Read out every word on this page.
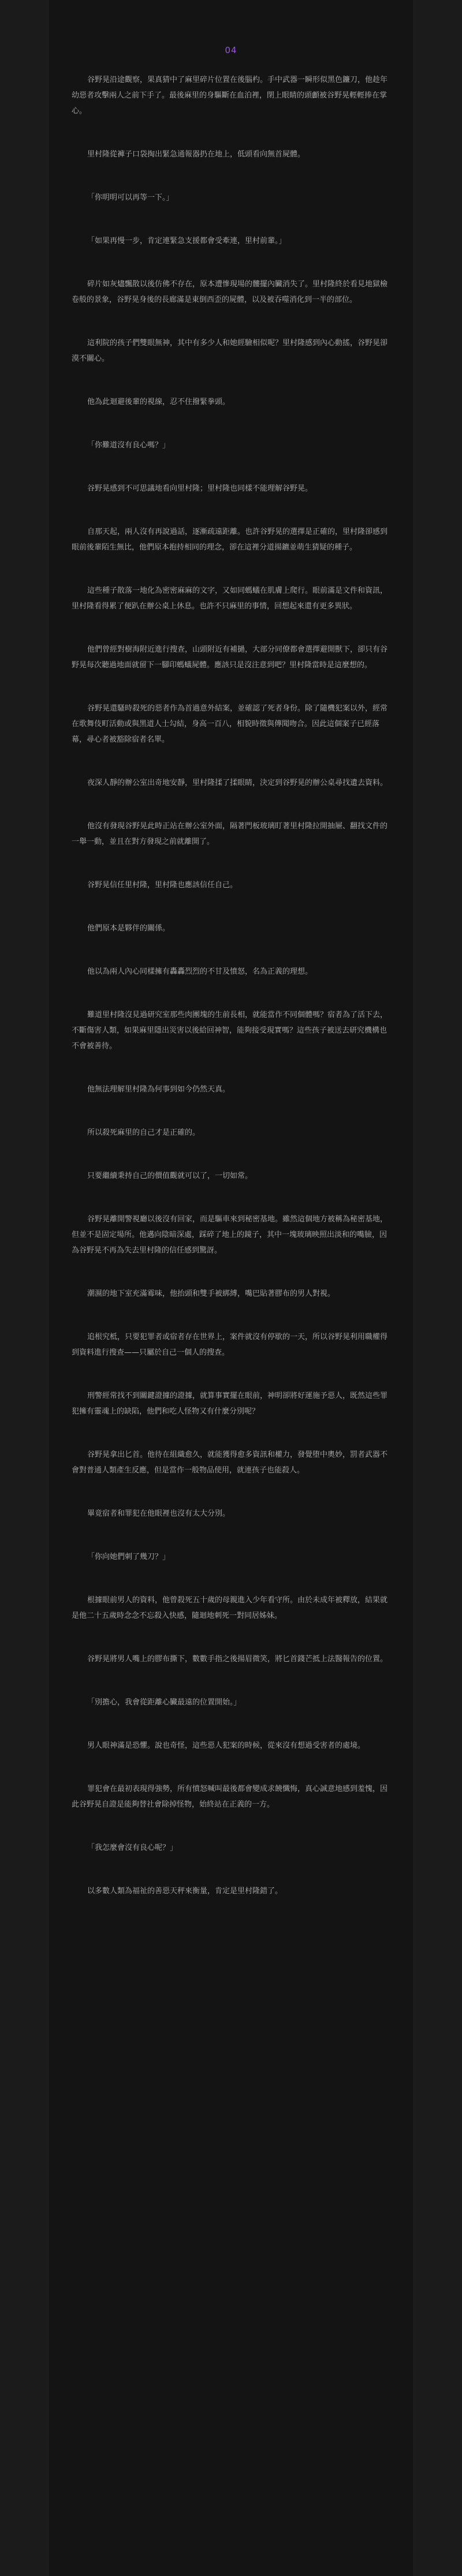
04

谷野晃沿途觀察，果真猜中了麻里碎片位置在後腦杓。手中武器一瞬形似黑色鐮刀，他趁年幼惡者攻擊兩人之前下手了。最後麻里的身驅斷在血泊裡，閉上眼睛的頭顱被谷野晃輕輕捧在掌心。

里村隆從褲子口袋掏出緊急通報器扔在地上，低頭看向無首屍體。

「你明明可以再等一下。」

「如果再慢一步，肯定連緊急支援都會受牽連，里村前輩。」

碎片如灰燼飄散以後仿佛不存在，原本遭慘現場的髏擺內臟消失了。里村隆終於看見地獄檢卷般的景象，谷野晃身後的長廊滿是東倒西歪的屍體，以及被吞噬消化到一半的部位。

這利院的孩子們雙眼無神，其中有多少人和她經驗相似呢？里村隆感到內心動搖，谷野晃卻漠不關心。

他為此迴避後輩的視線，忍不住撥緊拳頭。

「你難道沒有良心嗎？」

谷野晃感到不可思議地看向里村隆；里村隆也同樣不能理解谷野晃。

自那天起，兩人沒有再說過話，逐漸疏遠距離。也許谷野晃的選擇是正確的，里村隆卻感到眼前後輩陌生無比，他們原本抱持相同的理念，卻在這裡分道揚鑣並萌生猜疑的種子。

這些種子散落一地化為密密麻麻的文字，又如同螞蟻在肌膚上爬行。眼前滿是文件和資訊，里村隆看得累了便趴在辦公桌上休息。也許不只麻里的事情，回想起來還有更多異狀。

他們曾經對樹海附近進行搜查，山頭附近有補撾，大部分同僚都會選擇避開獸下，卻只有谷野晃每次聽過地面就留下一腳印螞蟻屍體。應該只是沒注意到吧？里村隆當時是這麼想的。

谷野晃還騷時殺死的惡者作為首過意外結案，並確認了死者身份。除了隨機犯案以外，經常在歌舞伎町活動或與黑道人士勾結，身高一百八，相貌時徵與傳聞吻合。因此這個案子已經落幕，尋心者被豁除宿者名單。

夜深人靜的辦公室出奇地安靜，里村隆揉了揉眼睛，決定到谷野晃的辦公桌尋找遺去資料。

他沒有發現谷野晃此時正站在辦公室外面，隔著門板玻璃盯著里村隆拉開抽屜、翻找文件的一舉一動，並且在對方發現之前就離開了。

谷野晃信任里村隆，里村隆也應該信任自己。

他們原本是夥伴的關係。

他以為兩人內心同樣擁有轟轟烈烈的不甘及憤怒，名為正義的理想。

難道里村隆沒見過研究室那些肉團塊的生前長相，就能當作不同個體嗎？宿者為了活下去，不斷傷害人類，如果麻里隱出災害以後給回神智，能夠接受現實嗎？這些孩子被送去研究機構也不會被善待。

他無法理解里村隆為何事到如今仍然天真。

所以殺死麻里的自己才是正確的。

只要繼續秉持自己的價值觀就可以了，一切如常。

谷野晃離開警視廳以後沒有回家，而是驅車來到秘密基地。雖然這個地方被稱為秘密基地，但並不是固定場所。他邁向陰暗深處，踩碎了地上的鏡子，其中一塊玻璃映照出淡和的嘴臉，因為谷野晃不再為失去里村隆的信任感到驚訝。

潮濕的地下室充滿霉味，他抬頭和雙手被綁縛，嘴巴貼著膠布的男人對視。

追根究柢，只要犯罪者或宿者存在世界上，案件就沒有停歇的一天，所以谷野晃利用職權得到資料進行搜查——只屬於自己一個人的搜查。

刑警經常找不到關鍵證據的證據，就算事實擺在眼前，神明卻將好運施予惡人，既然這些罪犯擁有靈魂上的缺陷，他們和吃人怪物又有什麼分別呢？

谷野晃拿出匕首。他待在組織愈久，就能獲得愈多資訊和權力，發覺堕中奧妙，罰者武器不會對普通人類產生反應，但是當作一般物品使用，就連孩子也能殺人。

畢竟宿者和罪犯在他眼裡也沒有太大分別。

「你向她們刺了幾刀？」

根據眼前男人的資料，他曾殺死五十歲的母親進入少年看守所。由於未成年被釋放，結果就是他二十五歲時念念不忘殺入快感，隨迴地刺死一對同居姊妹。

谷野晃將男人嘴上的膠布撕下，數數手指之後揚眉微笑，將匕首錢芒抵上法醫報告的位置。

「別擔心，我會從距離心臟最遠的位置開始。」

男人眼神滿是恐懼。說也奇怪，這些惡人犯案的時候，從來沒有想過受害者的處境。

罪犯會在最初表現得強勢，所有憤怒喊叫最後都會變成求饒懺悔，真心誠意地感到羞愧，因此谷野晃自證是能夠替社會除掉怪物，始終站在正義的一方。

「我怎麼會沒有良心呢？」

以多數人類為福祉的善惡天秤來衡量，肯定是里村隆錯了。
